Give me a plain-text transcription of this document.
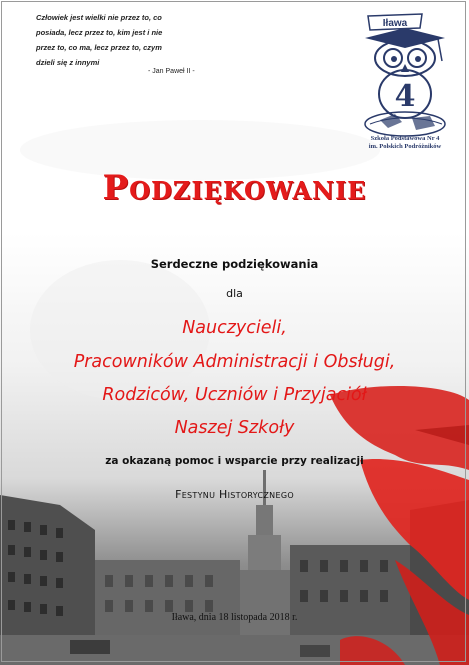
Człowiek jest wielki nie przez to, co
posiada, lecz przez to, kim jest i nie
przez to, co ma, lecz przez to, czym
dzieli się z innymi
- Jan Paweł II -
Iława
4
Szkoła Podstawowa Nr 4
im. Polskich Podróżników
Podziękowanie
Serdeczne podziękowania
dla
Nauczycieli,
Pracowników Administracji i Obsługi,
Rodziców, Uczniów i Przyjaciół
Naszej Szkoły
za okazaną pomoc i wsparcie przy realizacji
Festynu Historycznego
Iława, dnia 18 listopada 2018 r.
